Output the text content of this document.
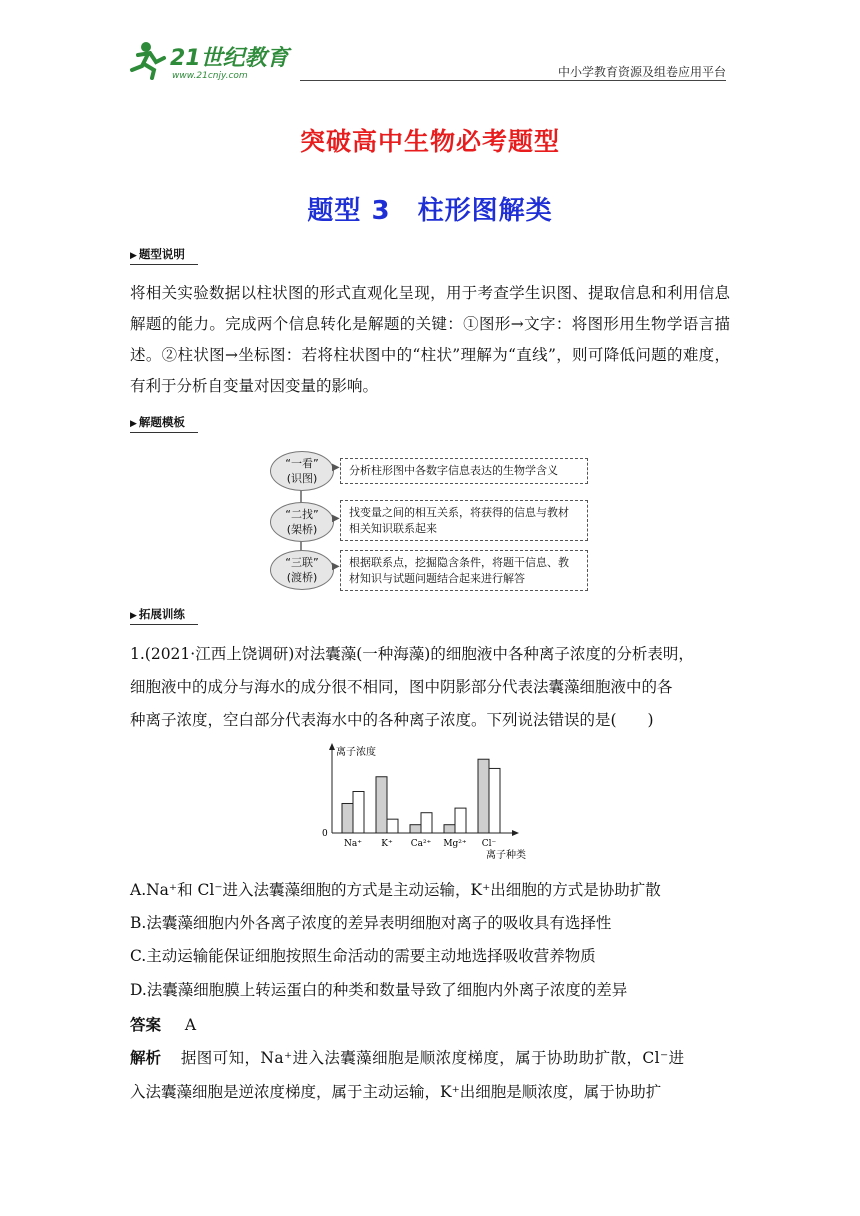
21世纪教育
www.21cnjy.com	中小学教育资源及组卷应用平台
突破高中生物必考题型
题型 3　柱形图解类
▶ 题型说明
将相关实验数据以柱状图的形式直观化呈现，用于考查学生识图、提取信息和利用信息解题的能力。完成两个信息转化是解题的关键：①图形→文字：将图形用生物学语言描述。②柱状图→坐标图：若将柱状图中的“柱状”理解为“直线”，则可降低问题的难度，有利于分析自变量对因变量的影响。
▶ 解题模板
“一看”
(识图)
▶ 分析柱形图中各数字信息表达的生物学含义
“二找”
(架桥)
▶ 找变量之间的相互关系，将获得的信息与教材相关知识联系起来
“三联”
(渡桥)
▶ 根据联系点，挖掘隐含条件，将题干信息、教材知识与试题问题结合起来进行解答
▶ 拓展训练
1.(2021·江西上饶调研)对法囊藻(一种海藻)的细胞液中各种离子浓度的分析表明，
细胞液中的成分与海水的成分很不相同，图中阴影部分代表法囊藻细胞液中的各
种离子浓度，空白部分代表海水中的各种离子浓度。下列说法错误的是(　　)
离子浓度
0
离子种类
Na⁺ K⁺ Ca²⁺ Mg²⁺ Cl⁻
A.Na⁺和 Cl⁻进入法囊藻细胞的方式是主动运输，K⁺出细胞的方式是协助扩散
B.法囊藻细胞内外各离子浓度的差异表明细胞对离子的吸收具有选择性
C.主动运输能保证细胞按照生命活动的需要主动地选择吸收营养物质
D.法囊藻细胞膜上转运蛋白的种类和数量导致了细胞内外离子浓度的差异
答案 A
解析 据图可知，Na⁺进入法囊藻细胞是顺浓度梯度，属于协助助扩散，Cl⁻进
入法囊藻细胞是逆浓度梯度，属于主动运输，K⁺出细胞是顺浓度，属于协助扩
